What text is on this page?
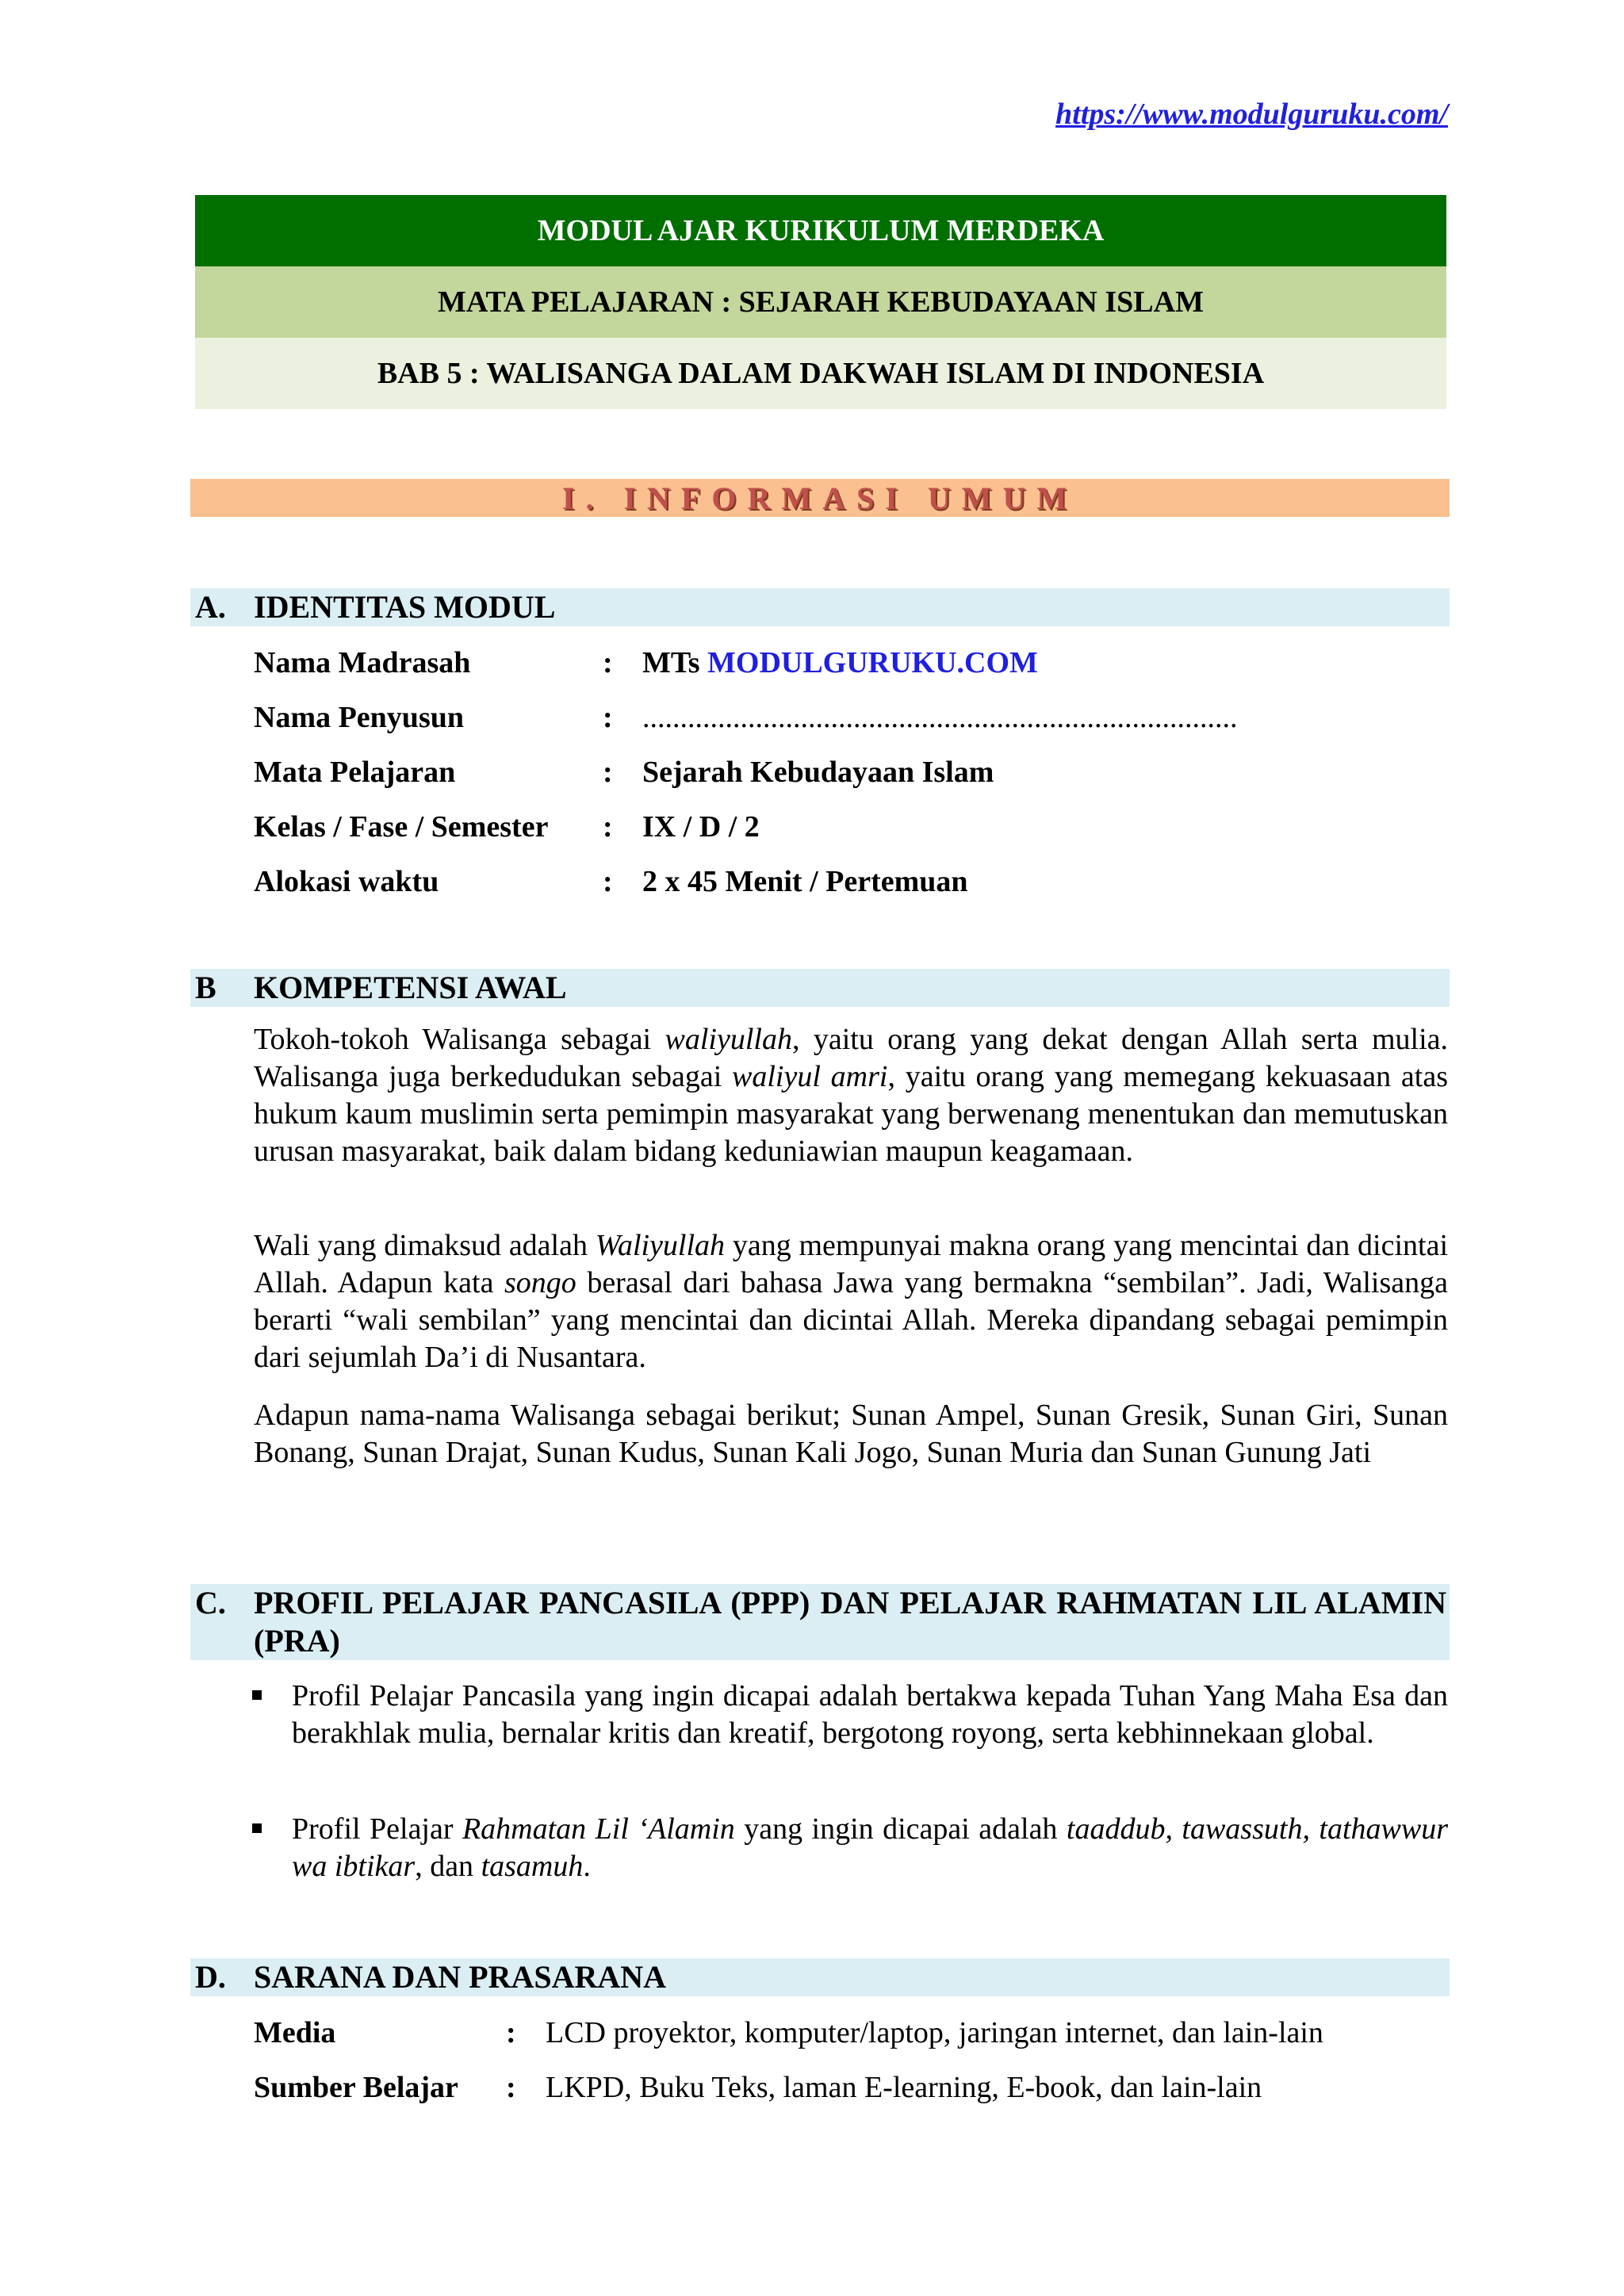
https://www.modulguruku.com/
MODUL AJAR KURIKULUM MERDEKA
MATA PELAJARAN : SEJARAH KEBUDAYAAN ISLAM
BAB 5 : WALISANGA DALAM DAKWAH ISLAM DI INDONESIA
I. INFORMASI UMUM
A. IDENTITAS MODUL
Nama Madrasah	: MTs MODULGURUKU.COM
Nama Penyusun	: ...............................................................................
Mata Pelajaran	: Sejarah Kebudayaan Islam
Kelas / Fase / Semester : IX / D / 2
Alokasi waktu	: 2 x 45 Menit / Pertemuan
B KOMPETENSI AWAL

Tokoh-tokoh Walisanga sebagai waliyullah, yaitu orang yang dekat dengan Allah serta mulia. Walisanga juga berkedudukan sebagai waliyul amri, yaitu orang yang memegang kekuasaan atas hukum kaum muslimin serta pemimpin masyarakat yang berwenang menentukan dan memutuskan urusan masyarakat, baik dalam bidang keduniawian maupun keagamaan.

Wali yang dimaksud adalah Waliyullah yang mempunyai makna orang yang mencintai dan dicintai Allah. Adapun kata songo berasal dari bahasa Jawa yang bermakna “sembilan”. Jadi, Walisanga berarti “wali sembilan” yang mencintai dan dicintai Allah. Mereka dipandang sebagai pemimpin dari sejumlah Da’i di Nusantara.

Adapun nama-nama Walisanga sebagai berikut; Sunan Ampel, Sunan Gresik, Sunan Giri, Sunan Bonang, Sunan Drajat, Sunan Kudus, Sunan Kali Jogo, Sunan Muria dan Sunan Gunung Jati

C. PROFIL PELAJAR PANCASILA (PPP) DAN PELAJAR RAHMATAN LIL ALAMIN (PRA)
Profil Pelajar Pancasila yang ingin dicapai adalah bertakwa kepada Tuhan Yang Maha Esa dan berakhlak mulia, bernalar kritis dan kreatif, bergotong royong, serta kebhinnekaan global.
Profil Pelajar Rahmatan Lil ‘Alamin yang ingin dicapai adalah taaddub, tawassuth, tathawwur wa ibtikar, dan tasamuh.
D. SARANA DAN PRASARANA
Media	: LCD proyektor, komputer/laptop, jaringan internet, dan lain-lain
Sumber Belajar : LKPD, Buku Teks, laman E-learning, E-book, dan lain-lain
